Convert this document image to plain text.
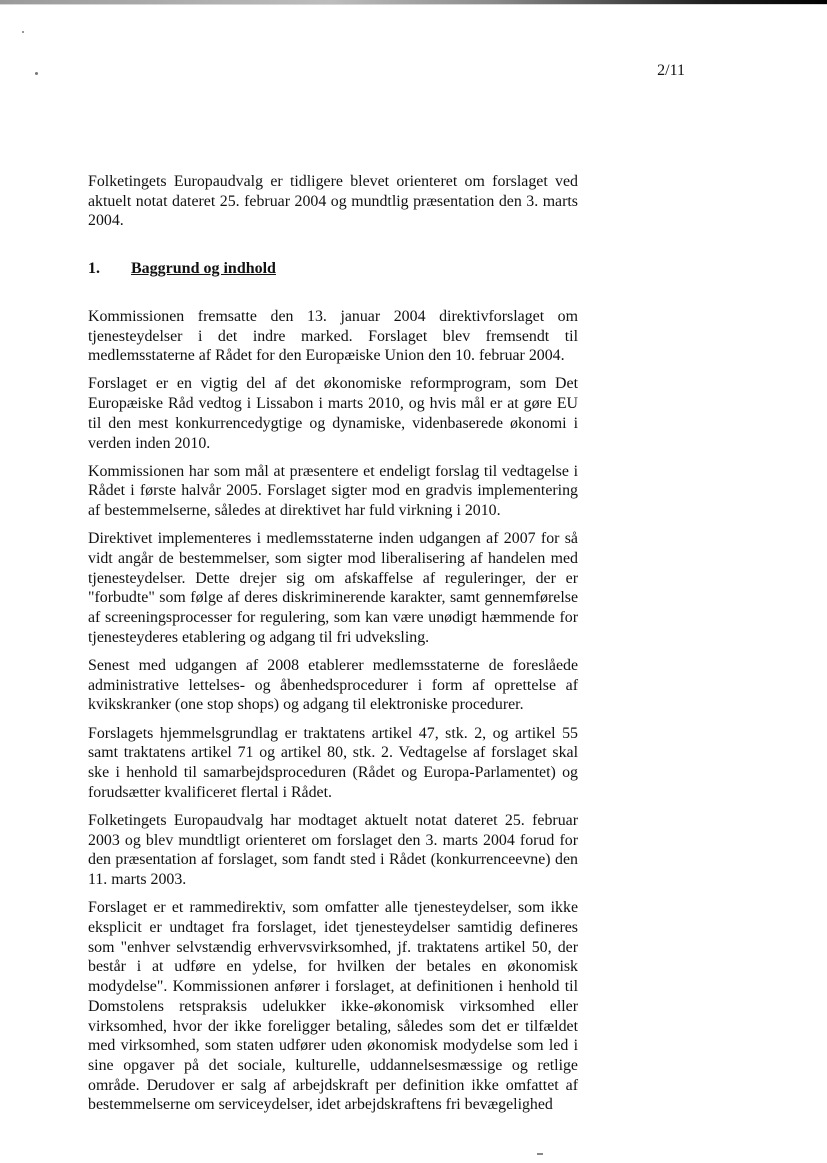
2/11

Folketingets Europaudvalg er tidligere blevet orienteret om forslaget ved aktuelt notat dateret 25. februar 2004 og mundtlig præsentation den 3. marts 2004.

1.	Baggrund og indhold

Kommissionen fremsatte den 13. januar 2004 direktivforslaget om tjenesteydelser i det indre marked. Forslaget blev fremsendt til medlemsstaterne af Rådet for den Europæiske Union den 10. februar 2004.

Forslaget er en vigtig del af det økonomiske reformprogram, som Det Europæiske Råd vedtog i Lissabon i marts 2010, og hvis mål er at gøre EU til den mest konkurrencedygtige og dynamiske, videnbaserede økonomi i verden inden 2010.

Kommissionen har som mål at præsentere et endeligt forslag til vedtagelse i Rådet i første halvår 2005. Forslaget sigter mod en gradvis implementering af bestemmelserne, således at direktivet har fuld virkning i 2010.

Direktivet implementeres i medlemsstaterne inden udgangen af 2007 for så vidt angår de bestemmelser, som sigter mod liberalisering af handelen med tjenesteydelser. Dette drejer sig om afskaffelse af reguleringer, der er "forbudte" som følge af deres diskriminerende karakter, samt gennemførelse af screeningsprocesser for regulering, som kan være unødigt hæmmende for tjenesteyderes etablering og adgang til fri udveksling.

Senest med udgangen af 2008 etablerer medlemsstaterne de foreslåede administrative lettelses- og åbenhedsprocedurer i form af oprettelse af kvikskranker (one stop shops) og adgang til elektroniske procedurer.

Forslagets hjemmelsgrundlag er traktatens artikel 47, stk. 2, og artikel 55 samt traktatens artikel 71 og artikel 80, stk. 2. Vedtagelse af forslaget skal ske i henhold til samarbejdsproceduren (Rådet og Europa-Parlamentet) og forudsætter kvalificeret flertal i Rådet.

Folketingets Europaudvalg har modtaget aktuelt notat dateret 25. februar 2003 og blev mundtligt orienteret om forslaget den 3. marts 2004 forud for den præsentation af forslaget, som fandt sted i Rådet (konkurrenceevne) den 11. marts 2003.

Forslaget er et rammedirektiv, som omfatter alle tjenesteydelser, som ikke eksplicit er undtaget fra forslaget, idet tjenesteydelser samtidig defineres som "enhver selvstændig erhvervsvirksomhed, jf. traktatens artikel 50, der består i at udføre en ydelse, for hvilken der betales en økonomisk modydelse". Kommissionen anfører i forslaget, at definitionen i henhold til Domstolens retspraksis udelukker ikke-økonomisk virksomhed eller virksomhed, hvor der ikke foreligger betaling, således som det er tilfældet med virksomhed, som staten udfører uden økonomisk modydelse som led i sine opgaver på det sociale, kulturelle, uddannelsesmæssige og retlige område. Derudover er salg af arbejdskraft per definition ikke omfattet af bestemmelserne om serviceydelser, idet arbejdskraftens fri bevægelighed
